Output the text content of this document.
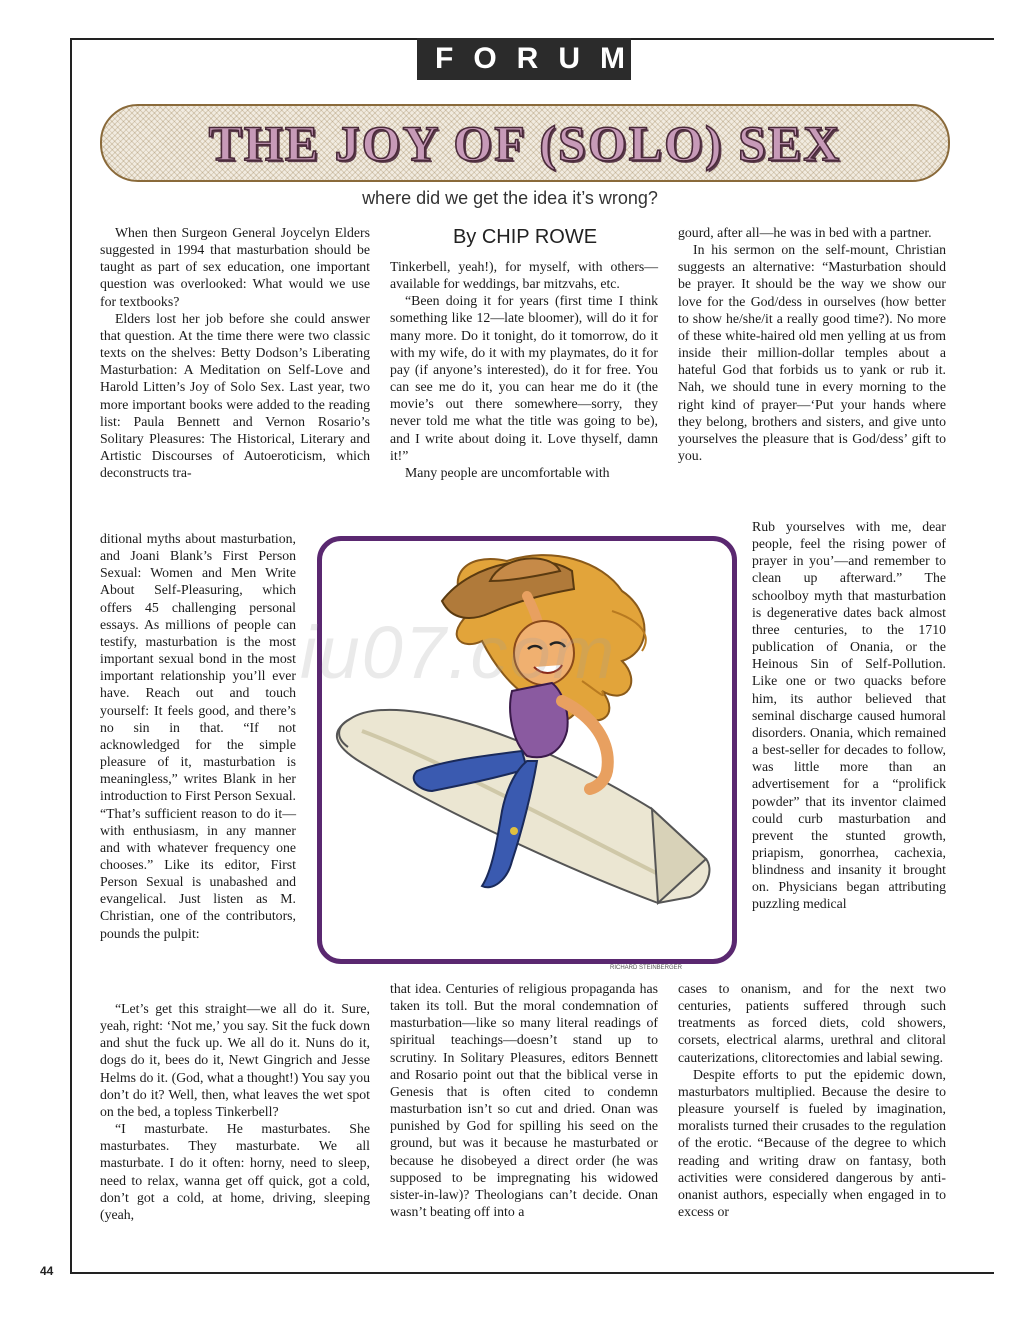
FORUM
THE JOY OF (SOLO) SEX
where did we get the idea it’s wrong?
By CHIP ROWE

When then Surgeon General Joycelyn Elders suggested in 1994 that masturbation should be taught as part of sex education, one important question was overlooked: What would we use for textbooks?

Elders lost her job before she could answer that question. At the time there were two classic texts on the shelves: Betty Dodson’s Liberating Masturbation: A Meditation on Self-Love and Harold Litten’s Joy of Solo Sex. Last year, two more important books were added to the reading list: Paula Bennett and Vernon Rosario’s Solitary Pleasures: The Historical, Literary and Artistic Discourses of Autoeroticism, which deconstructs tra-

ditional myths about masturbation, and Joani Blank’s First Person Sexual: Women and Men Write About Self-Pleasuring, which offers 45 challenging personal essays. As millions of people can testify, masturbation is the most important sexual bond in the most important relationship you’ll ever have. Reach out and touch yourself: It feels good, and there’s no sin in that. “If not acknowledged for the simple pleasure of it, masturbation is meaningless,” writes Blank in her introduction to First Person Sexual. “That’s sufficient reason to do it—with enthusiasm, in any manner and with whatever frequency one chooses.” Like its editor, First Person Sexual is unabashed and evangelical. Just listen as M. Christian, one of the contributors, pounds the pulpit:

“Let’s get this straight—we all do it. Sure, yeah, right: ‘Not me,’ you say. Sit the fuck down and shut the fuck up. We all do it. Nuns do it, dogs do it, bees do it, Newt Gingrich and Jesse Helms do it. (God, what a thought!) You say you don’t do it? Well, then, what leaves the wet spot on the bed, a topless Tinkerbell?

“I masturbate. He masturbates. She masturbates. They masturbate. We all masturbate. I do it often: horny, need to sleep, need to relax, wanna get off quick, got a cold, don’t got a cold, at home, driving, sleeping (yeah,

Tinkerbell, yeah!), for myself, with others—available for weddings, bar mitzvahs, etc.

“Been doing it for years (first time I think something like 12—late bloomer), will do it for many more. Do it tonight, do it tomorrow, do it with my wife, do it with my playmates, do it for pay (if anyone’s interested), do it for free. You can see me do it, you can hear me do it (the movie’s out there somewhere—sorry, they never told me what the title was going to be), and I write about doing it. Love thyself, damn it!”

Many people are uncomfortable with

that idea. Centuries of religious propaganda has taken its toll. But the moral condemnation of masturbation—like so many literal readings of spiritual teachings—doesn’t stand up to scrutiny. In Solitary Pleasures, editors Bennett and Rosario point out that the biblical verse in Genesis that is often cited to condemn masturbation isn’t so cut and dried. Onan was punished by God for spilling his seed on the ground, but was it because he masturbated or because he disobeyed a direct order (he was supposed to be impregnating his widowed sister-in-law)? Theologians can’t decide. Onan wasn’t beating off into a

gourd, after all—he was in bed with a partner.

In his sermon on the self-mount, Christian suggests an alternative: “Masturbation should be prayer. It should be the way we show our love for the God/dess in ourselves (how better to show he/she/it a really good time?). No more of these white-haired old men yelling at us from inside their million-dollar temples about a hateful God that forbids us to yank or rub it. Nah, we should tune in every morning to the right kind of prayer—‘Put your hands where they belong, brothers and sisters, and give unto yourselves the pleasure that is God/dess’ gift to you.

Rub yourselves with me, dear people, feel the rising power of prayer in you’—and remember to clean up afterward.” The schoolboy myth that masturbation is degenerative dates back almost three centuries, to the 1710 publication of Onania, or the Heinous Sin of Self-Pollution. Like one or two quacks before him, its author believed that seminal discharge caused humoral disorders. Onania, which remained a best-seller for decades to follow, was little more than an advertisement for a “prolifick powder” that its inventor claimed could curb masturbation and prevent the stunted growth, priapism, gonorrhea, cachexia, blindness and insanity it brought on. Physicians began attributing puzzling medical

cases to onanism, and for the next two centuries, patients suffered through such treatments as forced diets, cold showers, corsets, electrical alarms, urethral and clitoral cauterizations, clitorectomies and labial sewing.

Despite efforts to put the epidemic down, masturbators multiplied. Because the desire to pleasure yourself is fueled by imagination, moralists turned their crusades to the regulation of the erotic. “Because of the degree to which reading and writing draw on fantasy, both activities were considered dangerous by anti-onanist authors, especially when engaged in to excess or

RICHARD STEINBERGER
iu07.com
44
